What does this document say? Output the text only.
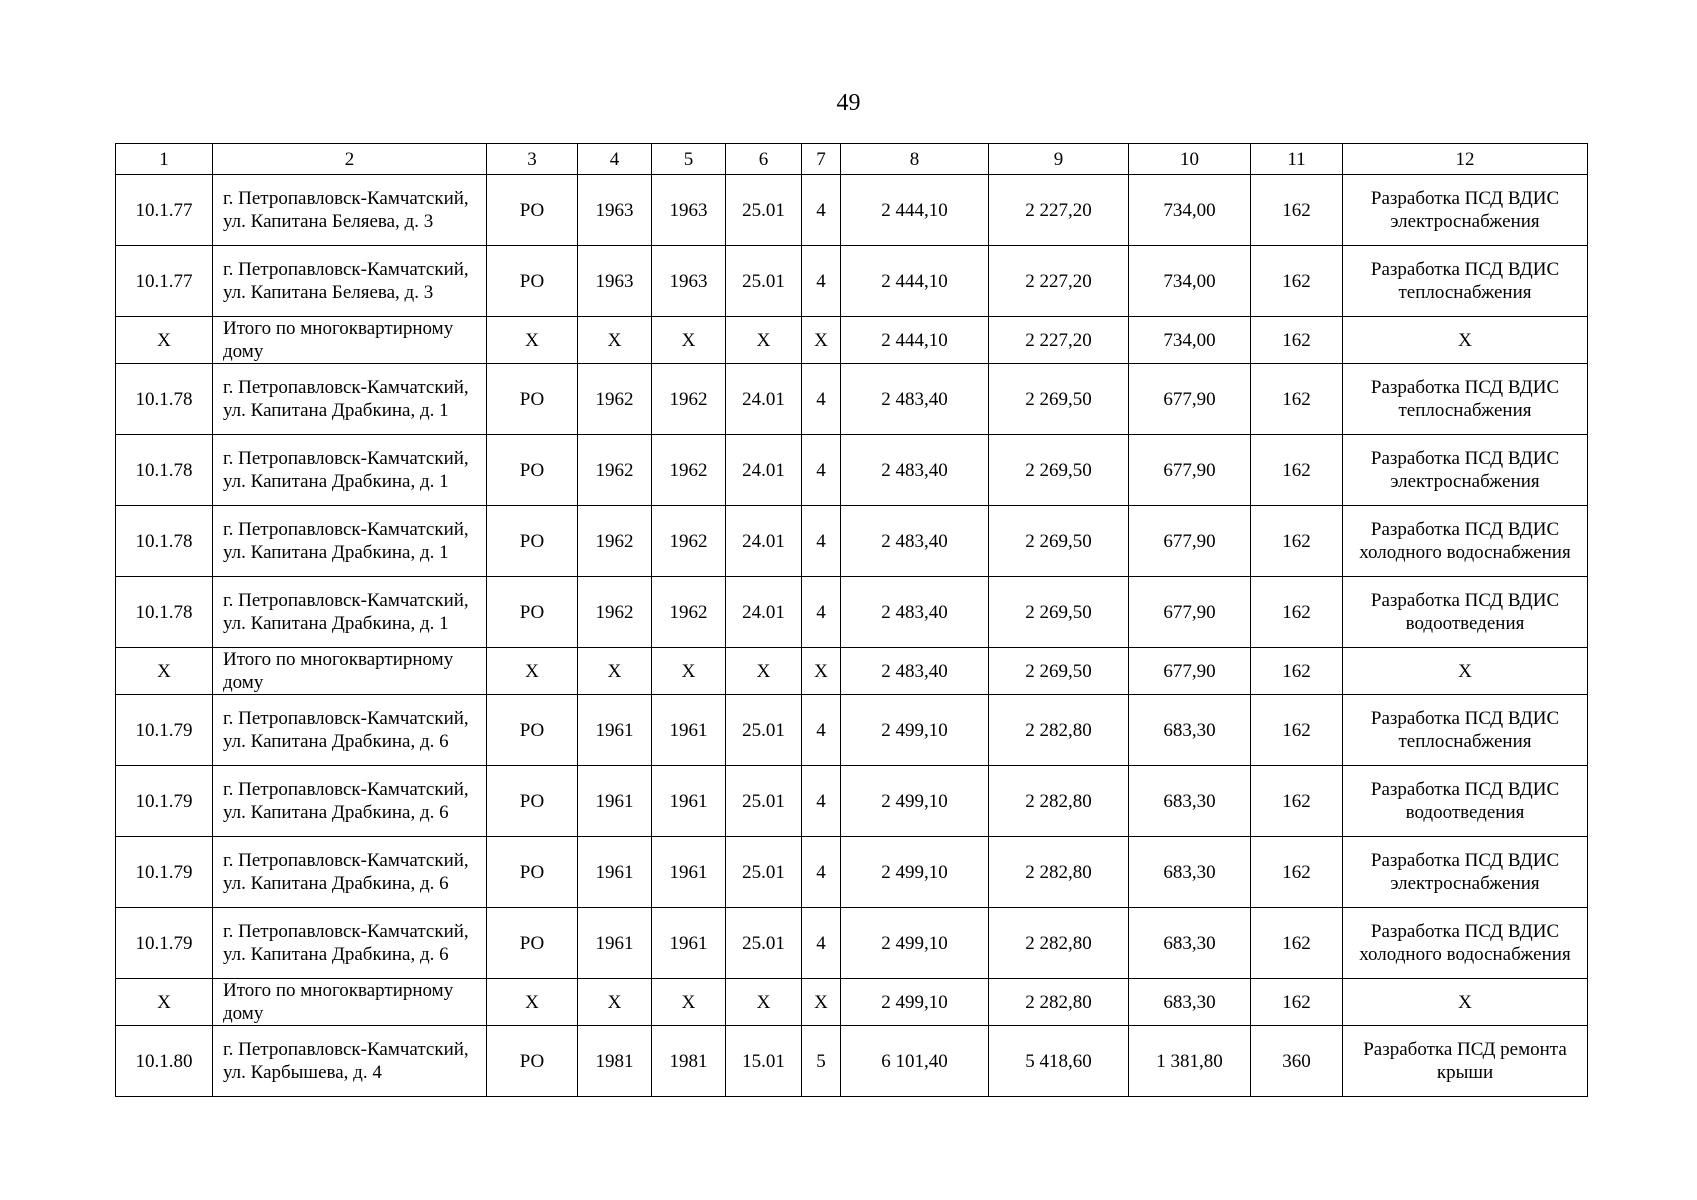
49
1	2	3	4	5	6	7	8	9	10	11	12
10.1.77	г. Петропавловск-Камчатский, ул. Капитана Беляева, д. 3	РО	1963	1963	25.01	4	2 444,10	2 227,20	734,00	162	Разработка ПСД ВДИС электроснабжения
10.1.77	г. Петропавловск-Камчатский, ул. Капитана Беляева, д. 3	РО	1963	1963	25.01	4	2 444,10	2 227,20	734,00	162	Разработка ПСД ВДИС теплоснабжения
Х	Итого по многоквартирному дому	Х	Х	Х	Х	Х	2 444,10	2 227,20	734,00	162	Х
10.1.78	г. Петропавловск-Камчатский, ул. Капитана Драбкина, д. 1	РО	1962	1962	24.01	4	2 483,40	2 269,50	677,90	162	Разработка ПСД ВДИС теплоснабжения
10.1.78	г. Петропавловск-Камчатский, ул. Капитана Драбкина, д. 1	РО	1962	1962	24.01	4	2 483,40	2 269,50	677,90	162	Разработка ПСД ВДИС электроснабжения
10.1.78	г. Петропавловск-Камчатский, ул. Капитана Драбкина, д. 1	РО	1962	1962	24.01	4	2 483,40	2 269,50	677,90	162	Разработка ПСД ВДИС холодного водоснабжения
10.1.78	г. Петропавловск-Камчатский, ул. Капитана Драбкина, д. 1	РО	1962	1962	24.01	4	2 483,40	2 269,50	677,90	162	Разработка ПСД ВДИС водоотведения
Х	Итого по многоквартирному дому	Х	Х	Х	Х	Х	2 483,40	2 269,50	677,90	162	Х
10.1.79	г. Петропавловск-Камчатский, ул. Капитана Драбкина, д. 6	РО	1961	1961	25.01	4	2 499,10	2 282,80	683,30	162	Разработка ПСД ВДИС теплоснабжения
10.1.79	г. Петропавловск-Камчатский, ул. Капитана Драбкина, д. 6	РО	1961	1961	25.01	4	2 499,10	2 282,80	683,30	162	Разработка ПСД ВДИС водоотведения
10.1.79	г. Петропавловск-Камчатский, ул. Капитана Драбкина, д. 6	РО	1961	1961	25.01	4	2 499,10	2 282,80	683,30	162	Разработка ПСД ВДИС электроснабжения
10.1.79	г. Петропавловск-Камчатский, ул. Капитана Драбкина, д. 6	РО	1961	1961	25.01	4	2 499,10	2 282,80	683,30	162	Разработка ПСД ВДИС холодного водоснабжения
Х	Итого по многоквартирному дому	Х	Х	Х	Х	Х	2 499,10	2 282,80	683,30	162	Х
10.1.80	г. Петропавловск-Камчатский, ул. Карбышева, д. 4	РО	1981	1981	15.01	5	6 101,40	5 418,60	1 381,80	360	Разработка ПСД ремонта крыши
